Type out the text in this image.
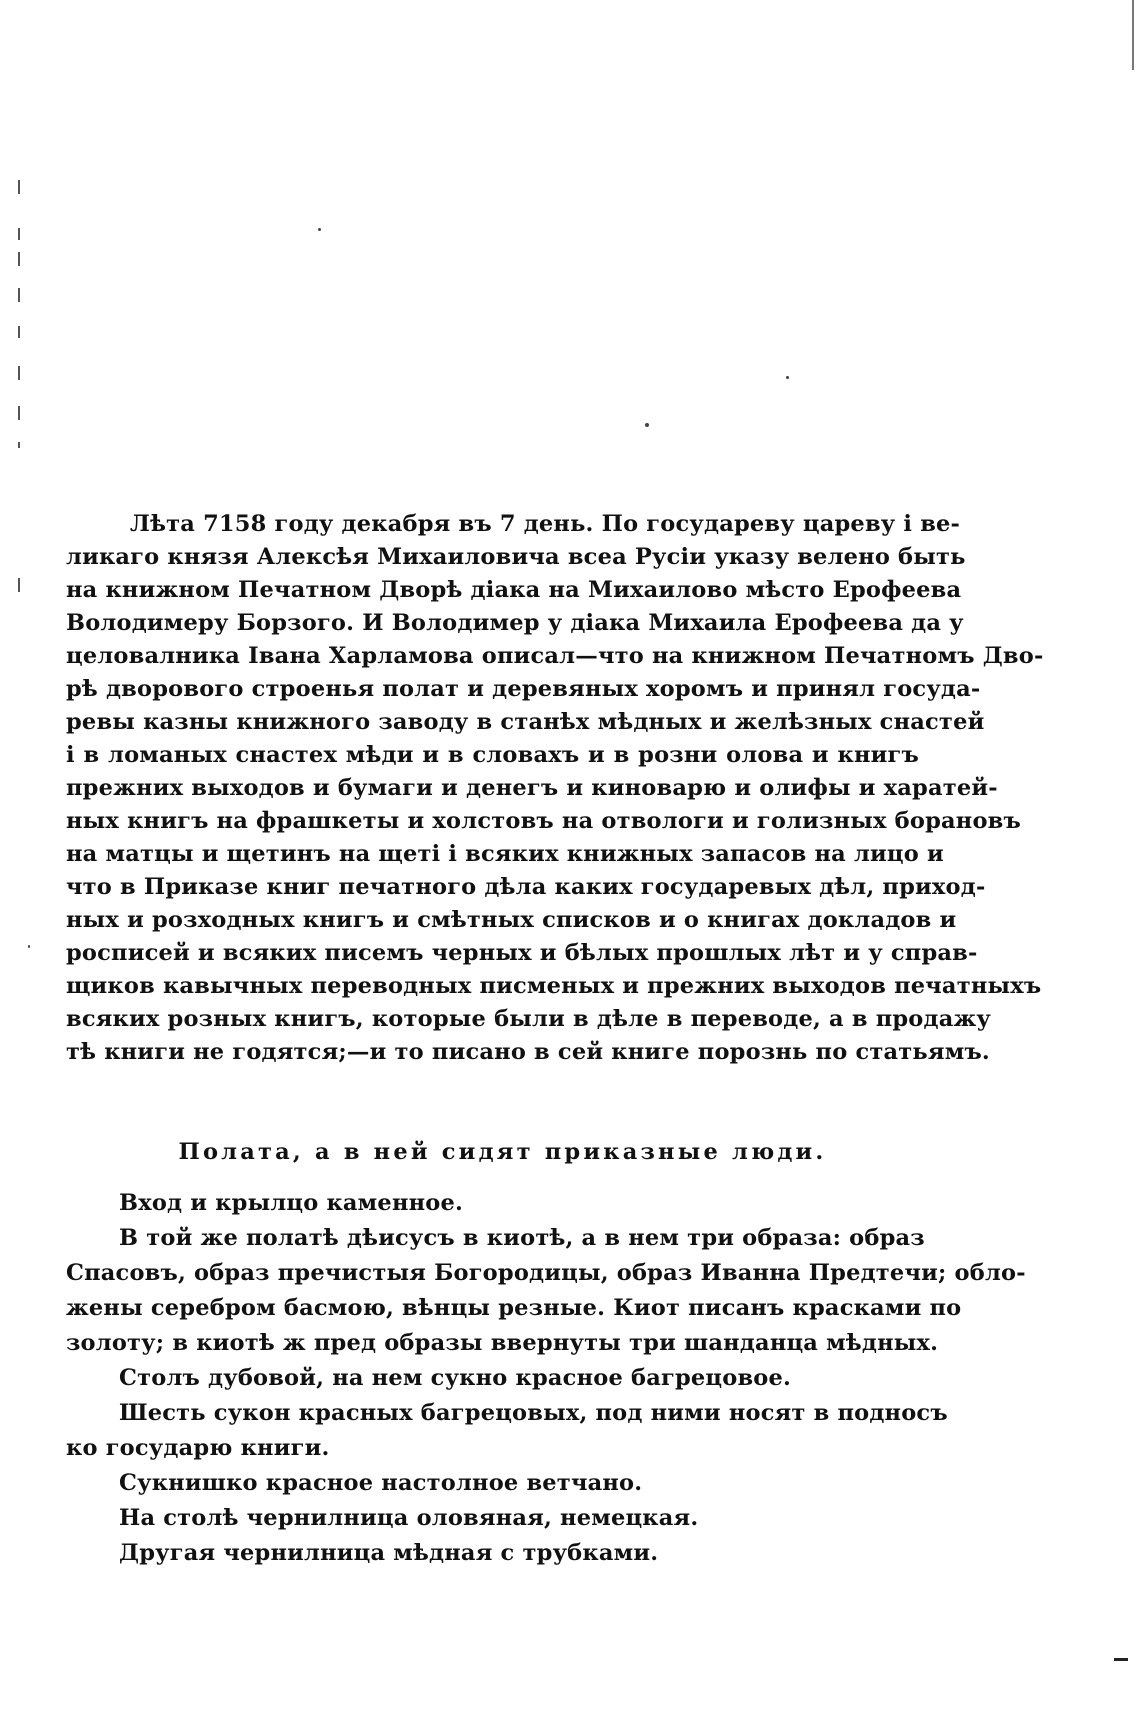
Лѣта 7158 году декабря въ 7 день. По государеву цареву і ве-
ликаго князя Алексѣя Михаиловича всеа Русіи указу велено быть
на книжном Печатном Дворѣ діака на Михаилово мѣсто Ерофеева
Володимеру Борзого. И Володимер у діака Михаила Ерофеева да у
целовалника Івана Харламова описал—что на книжном Печатномъ Дво-
рѣ дворового строенья полат и деревяных хоромъ и принял госуда-
ревы казны книжного заводу в станѣх мѣдных и желѣзных снастей
і в ломаных снастех мѣди и в словахъ и в розни олова и книгъ
прежних выходов и бумаги и денегъ и киноварю и олифы и харатей-
ных книгъ на фрашкеты и холстовъ на отвологи и голизных борановъ
на матцы и щетинъ на щеті і всяких книжных запасов на лицо и
что в Приказе книг печатного дѣла каких государевых дѣл, приход-
ных и розходных книгъ и смѣтных списков и о книгах докладов и
росписей и всяких писемъ черных и бѣлых прошлых лѣт и у справ-
щиков кавычных переводных писменых и прежних выходов печатныхъ
всяких розных книгъ, которые были в дѣле в переводе, а в продажу
тѣ книги не годятся;—и то писано в сей книге порознь по статьямъ.
Полата, а в ней сидят приказные люди.
Вход и крылцо каменное.
В той же полатѣ дѣисусъ в киотѣ, а в нем три образа: образ
Спасовъ, образ пречистыя Богородицы, образ Иванна Предтечи; обло-
жены серебром басмою, вѣнцы резные. Киот писанъ красками по
золоту; в киотѣ ж пред образы ввернуты три шанданца мѣдных.
Столъ дубовой, на нем сукно красное багрецовое.
Шесть сукон красных багрецовых, под ними носят в подносъ
ко государю книги.
Сукнишко красное настолное ветчано.
На столѣ чернилница оловяная, немецкая.
Другая чернилница мѣдная с трубками.
